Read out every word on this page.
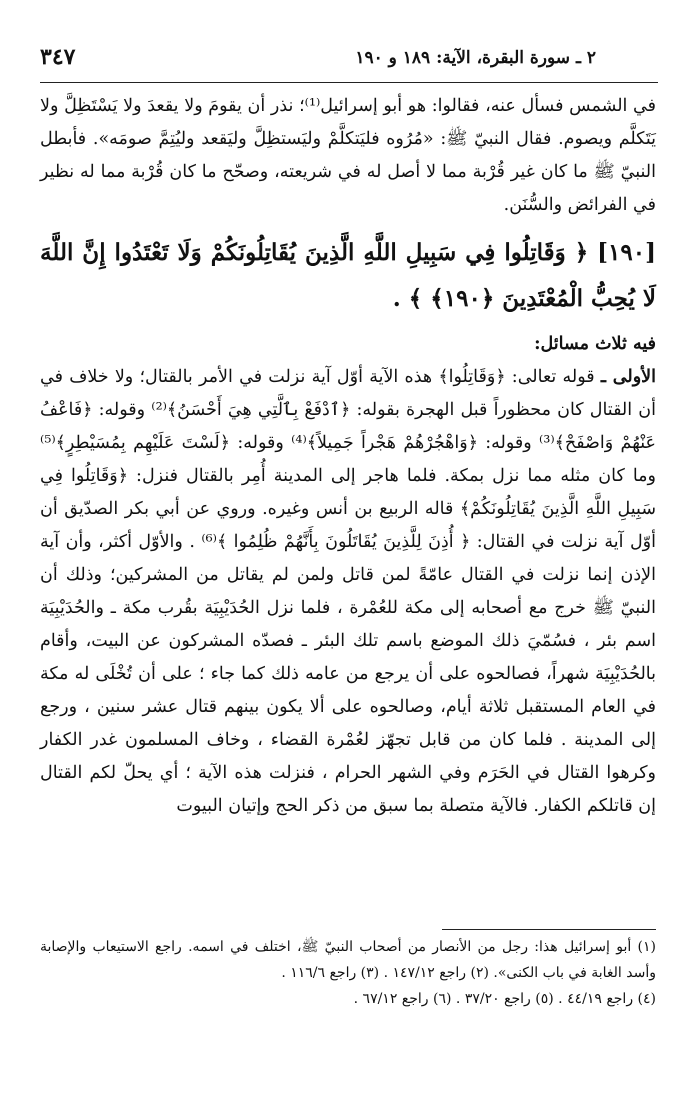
٣٤٧	٢ ـ سورة البقرة، الآية: ١٨٩ و ١٩٠

في الشمس فسأل عنه، فقالوا: هو أبو إسرائيل⁽¹⁾؛ نذر أن يقومَ ولا يقعدَ ولا يَسْتَظِلَّ ولا يَتَكلَّم ويصوم. فقال النبيّ ﷺ: «مُرُوه فليَتكلَّمْ وليَستظِلَّ وليَقعد وليُتِمَّ صومَه». فأبطل النبيّ ﷺ ما كان غير قُرْبة مما لا أصل له في شريعته، وصحّح ما كان قُرْبة مما له نظير في الفرائض والسُّنَن.

[١٩٠] ﴿ وَقَاتِلُوا فِي سَبِيلِ اللَّهِ الَّذِينَ يُقَاتِلُونَكُمْ وَلَا تَعْتَدُوا إِنَّ اللَّهَ لَا يُحِبُّ الْمُعْتَدِينَ ﴿١٩٠﴾ ﴾ .

فيه ثلاث مسائل:

الأولى ـ قوله تعالى: ﴿وَقَاتِلُوا﴾ هذه الآية أوّل آية نزلت في الأمر بالقتال؛ ولا خلاف في أن القتال كان محظوراً قبل الهجرة بقوله: ﴿ٱدْفَعْ بِٱلَّتِي هِيَ أَحْسَنُ﴾⁽²⁾ وقوله: ﴿فَاعْفُ عَنْهُمْ وَاصْفَحْ﴾⁽³⁾ وقوله: ﴿وَاهْجُرْهُمْ هَجْراً جَمِيلاً﴾⁽⁴⁾ وقوله: ﴿لَسْتَ عَلَيْهِم بِمُسَيْطِرٍ﴾⁽⁵⁾ وما كان مثله مما نزل بمكة. فلما هاجر إلى المدينة أُمِر بالقتال فنزل: ﴿وَقَاتِلُوا فِي سَبِيلِ اللَّهِ الَّذِينَ يُقَاتِلُونَكُمْ﴾ قاله الربيع بن أنس وغيره. وروي عن أبي بكر الصدّيق أن أوّل آية نزلت في القتال: ﴿ أُذِنَ لِلَّذِينَ يُقَاتَلُونَ بِأَنَّهُمْ ظُلِمُوا ﴾⁽⁶⁾ . والأوّل أكثر، وأن آية الإذن إنما نزلت في القتال عامّةً لمن قاتل ولمن لم يقاتل من المشركين؛ وذلك أن النبيّ ﷺ خرج مع أصحابه إلى مكة للعُمْرة ، فلما نزل الحُدَيْبِيَة بقُرب مكة ـ والحُدَيْبِيَة اسم بئر ، فسُمّيَ ذلك الموضع باسم تلك البئر ـ فصدّه المشركون عن البيت، وأقام بالحُدَيْبِيَة شهراً، فصالحوه على أن يرجع من عامه ذلك كما جاء ؛ على أن تُخْلَى له مكة في العام المستقبل ثلاثة أيام، وصالحوه على ألا يكون بينهم قتال عشر سنين ، ورجع إلى المدينة . فلما كان من قابل تجهّز لعُمْرة القضاء ، وخاف المسلمون غدر الكفار وكرهوا القتال في الحَرَم وفي الشهر الحرام ، فنزلت هذه الآية ؛ أي يحلّ لكم القتال إن قاتلكم الكفار. فالآية متصلة بما سبق من ذكر الحج وإتيان البيوت

(١) أبو إسرائيل هذا: رجل من الأنصار من أصحاب النبيّ ﷺ، اختلف في اسمه. راجع الاستيعاب والإصابة وأسد الغابة في باب الكنى». (٢) راجع ١٤٧/١٢ . (٣) راجع ١١٦/٦ .

(٤) راجع ٤٤/١٩ . (٥) راجع ٣٧/٢٠ . (٦) راجع ٦٧/١٢ .
